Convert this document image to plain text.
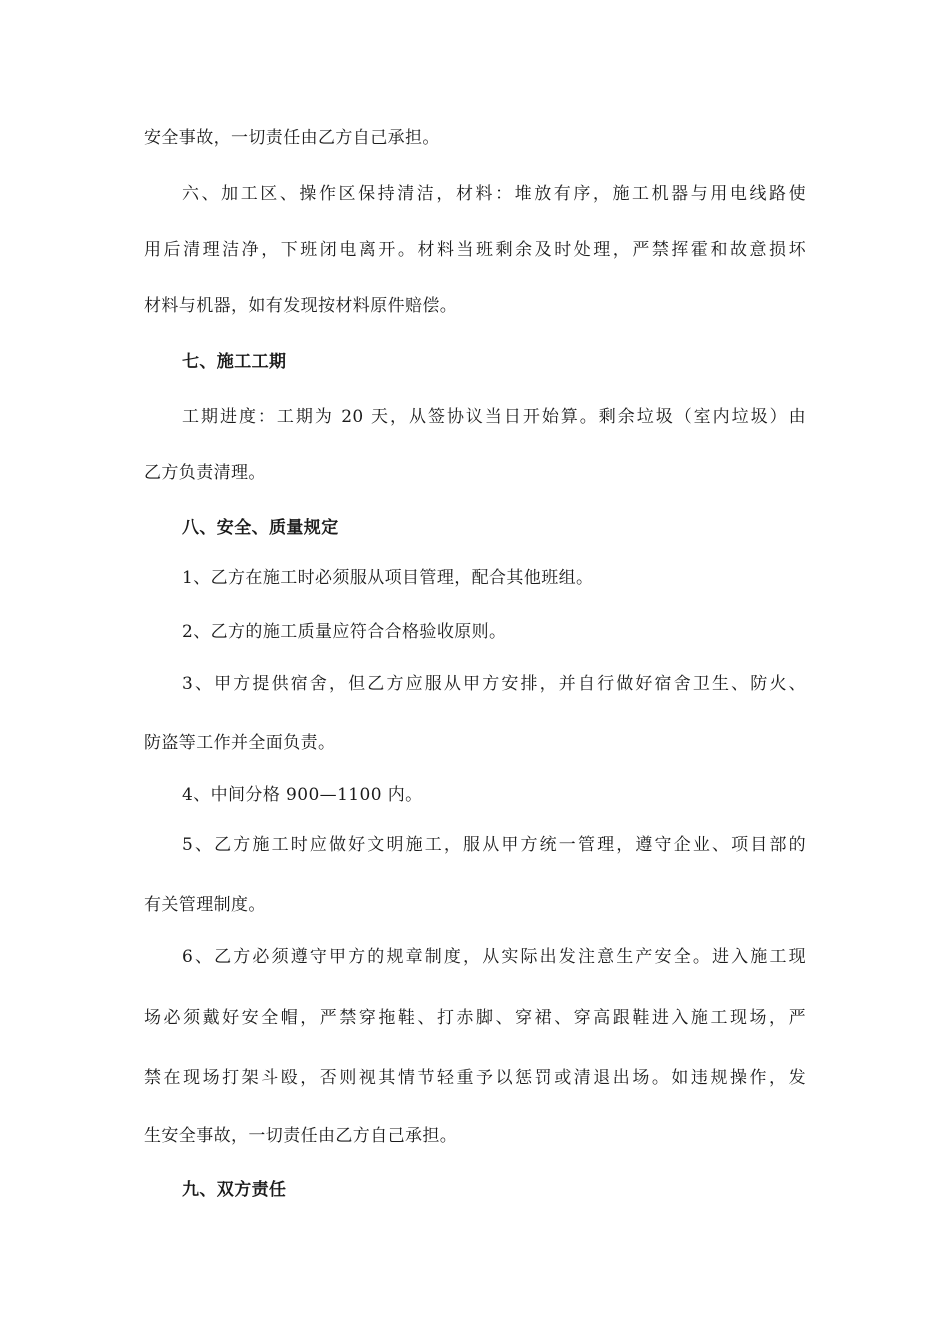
安全事故，一切责任由乙方自己承担。
六、加工区、操作区保持清洁，材料：堆放有序，施工机器与用电线路使
用后清理洁净，下班闭电离开。材料当班剩余及时处理，严禁挥霍和故意损坏
材料与机器，如有发现按材料原件赔偿。
七、施工工期
工期进度：工期为 20 天，从签协议当日开始算。剩余垃圾（室内垃圾）由
乙方负责清理。
八、安全、质量规定
1、乙方在施工时必须服从项目管理，配合其他班组。
2、乙方的施工质量应符合合格验收原则。
3、甲方提供宿舍，但乙方应服从甲方安排，并自行做好宿舍卫生、防火、
防盗等工作并全面负责。
4、中间分格 900—1100 内。
5、乙方施工时应做好文明施工，服从甲方统一管理，遵守企业、项目部的
有关管理制度。
6、乙方必须遵守甲方的规章制度，从实际出发注意生产安全。进入施工现
场必须戴好安全帽，严禁穿拖鞋、打赤脚、穿裙、穿高跟鞋进入施工现场，严
禁在现场打架斗殴，否则视其情节轻重予以惩罚或清退出场。如违规操作，发
生安全事故，一切责任由乙方自己承担。
九、双方责任
